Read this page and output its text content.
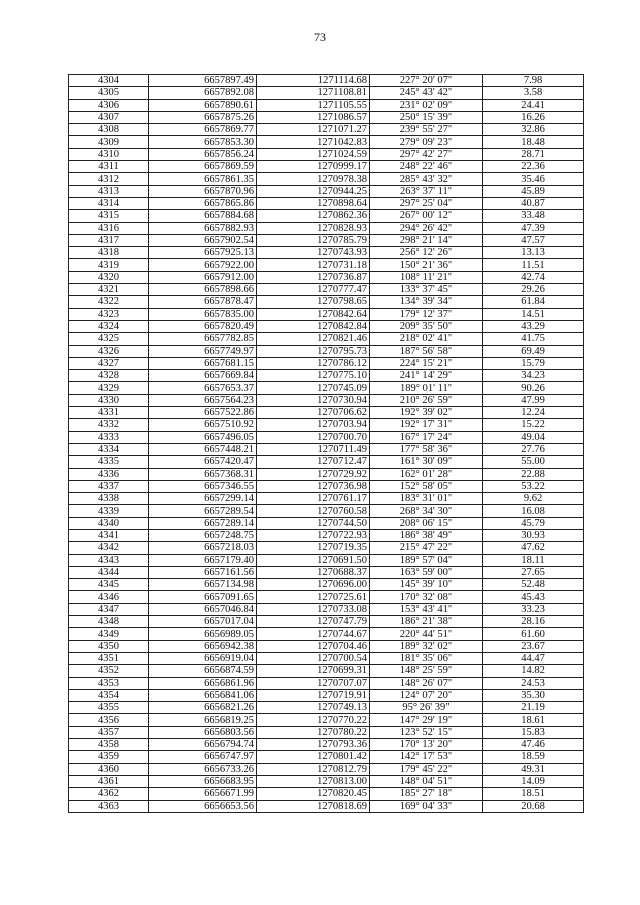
73
4304	6657897.49	1271114.68	227° 20' 07"	7.98
4305	6657892.08	1271108.81	245° 43' 42"	3.58
4306	6657890.61	1271105.55	231° 02' 09"	24.41
4307	6657875.26	1271086.57	250° 15' 39"	16.26
4308	6657869.77	1271071.27	239° 55' 27"	32.86
4309	6657853.30	1271042.83	279° 09' 23"	18.48
4310	6657856.24	1271024.59	297° 42' 27"	28.71
4311	6657869.59	1270999.17	248° 22' 46"	22.36
4312	6657861.35	1270978.38	285° 43' 32"	35.46
4313	6657870.96	1270944.25	263° 37' 11"	45.89
4314	6657865.86	1270898.64	297° 25' 04"	40.87
4315	6657884.68	1270862.36	267° 00' 12"	33.48
4316	6657882.93	1270828.93	294° 26' 42"	47.39
4317	6657902.54	1270785.79	298° 21' 14"	47.57
4318	6657925.13	1270743.93	256° 12' 26"	13.13
4319	6657922.00	1270731.18	150° 21' 36"	11.51
4320	6657912.00	1270736.87	108° 11' 21"	42.74
4321	6657898.66	1270777.47	133° 37' 45"	29.26
4322	6657878.47	1270798.65	134° 39' 34"	61.84
4323	6657835.00	1270842.64	179° 12' 37"	14.51
4324	6657820.49	1270842.84	209° 35' 50"	43.29
4325	6657782.85	1270821.46	218° 02' 41"	41.75
4326	6657749.97	1270795.73	187° 56' 58"	69.49
4327	6657681.15	1270786.12	224° 15' 21"	15.79
4328	6657669.84	1270775.10	241° 14' 29"	34.23
4329	6657653.37	1270745.09	189° 01' 11"	90.26
4330	6657564.23	1270730.94	210° 26' 59"	47.99
4331	6657522.86	1270706.62	192° 39' 02"	12.24
4332	6657510.92	1270703.94	192° 17' 31"	15.22
4333	6657496.05	1270700.70	167° 17' 24"	49.04
4334	6657448.21	1270711.49	177° 58' 36"	27.76
4335	6657420.47	1270712.47	161° 30' 09"	55.00
4336	6657368.31	1270729.92	162° 01' 28"	22.88
4337	6657346.55	1270736.98	152° 58' 05"	53.22
4338	6657299.14	1270761.17	183° 31' 01"	9.62
4339	6657289.54	1270760.58	268° 34' 30"	16.08
4340	6657289.14	1270744.50	208° 06' 15"	45.79
4341	6657248.75	1270722.93	186° 38' 49"	30.93
4342	6657218.03	1270719.35	215° 47' 22"	47.62
4343	6657179.40	1270691.50	189° 57' 04"	18.11
4344	6657161.56	1270688.37	163° 59' 00"	27.65
4345	6657134.98	1270696.00	145° 39' 10"	52.48
4346	6657091.65	1270725.61	170° 32' 08"	45.43
4347	6657046.84	1270733.08	153° 43' 41"	33.23
4348	6657017.04	1270747.79	186° 21' 38"	28.16
4349	6656989.05	1270744.67	220° 44' 51"	61.60
4350	6656942.38	1270704.46	189° 32' 02"	23.67
4351	6656919.04	1270700.54	181° 35' 06"	44.47
4352	6656874.59	1270699.31	148° 25' 59"	14.82
4353	6656861.96	1270707.07	148° 26' 07"	24.53
4354	6656841.06	1270719.91	124° 07' 20"	35.30
4355	6656821.26	1270749.13	95° 26' 39"	21.19
4356	6656819.25	1270770.22	147° 29' 19"	18.61
4357	6656803.56	1270780.22	123° 52' 15"	15.83
4358	6656794.74	1270793.36	170° 13' 20"	47.46
4359	6656747.97	1270801.42	142° 17' 53"	18.59
4360	6656733.26	1270812.79	179° 45' 22"	49.31
4361	6656683.95	1270813.00	148° 04' 51"	14.09
4362	6656671.99	1270820.45	185° 27' 18"	18.51
4363	6656653.56	1270818.69	169° 04' 33"	20.68
